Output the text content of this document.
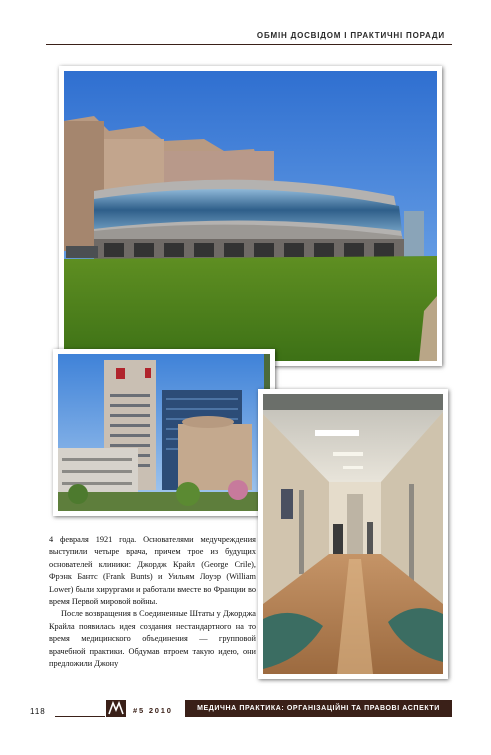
ОБМІН ДОСВІДОМ І ПРАКТИЧНІ ПОРАДИ

4 февраля 1921 года. Основателями медучреждения выступили четыре врача, причем трое из будущих основателей клиники: Джордж Крайл (George Crile), Фрэнк Бантс (Frank Bunts) и Уильям Лоуэр (William Lower) были хирургами и работали вместе во Франции во время Первой мировой войны.

После возвращения в Соединенные Штаты у Джорджа Крайла появилась идея создания нестандартного на то время медицинского объединения — групповой врачебной практики. Обдумав втроем такую идею, они предложили Джону

118	#5 2010	МЕДИЧНА ПРАКТИКА: ОРГАНІЗАЦІЙНІ ТА ПРАВОВІ АСПЕКТИ
